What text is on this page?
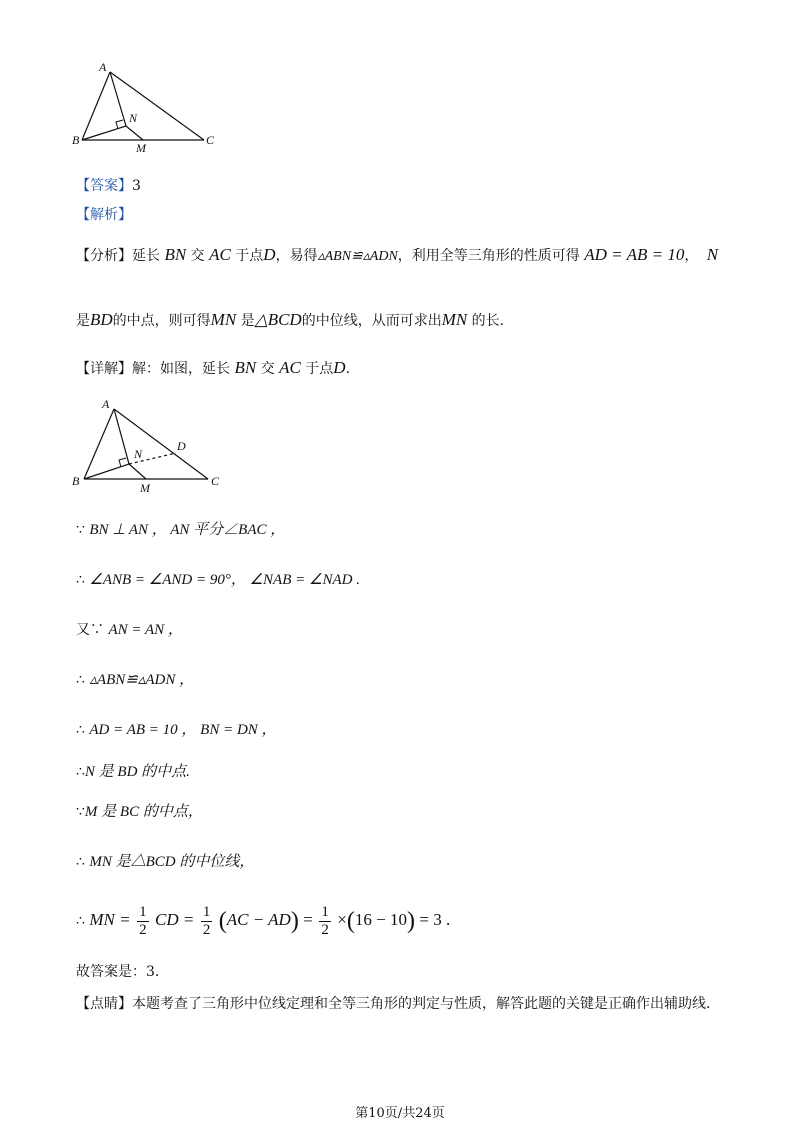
A
B	C
N
M
【答案】3
【解析】
【分析】延长 BN 交 AC 于点D，易得▵ABN≌▵ADN，利用全等三角形的性质可得 AD = AB = 10， N
是BD的中点，则可得MN 是△BCD的中位线，从而可求出MN 的长.
【详解】解：如图，延长 BN 交 AC 于点D.
A
B	C
N
M
D
∵ BN ⊥ AN ， AN 平分∠BAC ，
∴ ∠ANB = ∠AND = 90°， ∠NAB = ∠NAD .
又∵ AN = AN ，
∴ ▵ABN≌▵ADN ，
∴ AD = AB = 10 ， BN = DN ，
∴N 是 BD 的中点.
∵M 是 BC 的中点，
∴ MN 是△BCD 的中位线，
∴ MN = $\frac{1}{2}$ CD = $\frac{1}{2} (AC - AD) = \frac{1}{2} \times(16 - 10) = 3$ .
故答案是：3.
【点睛】本题考查了三角形中位线定理和全等三角形的判定与性质，解答此题的关键是正确作出辅助线.
第10页/共24页
